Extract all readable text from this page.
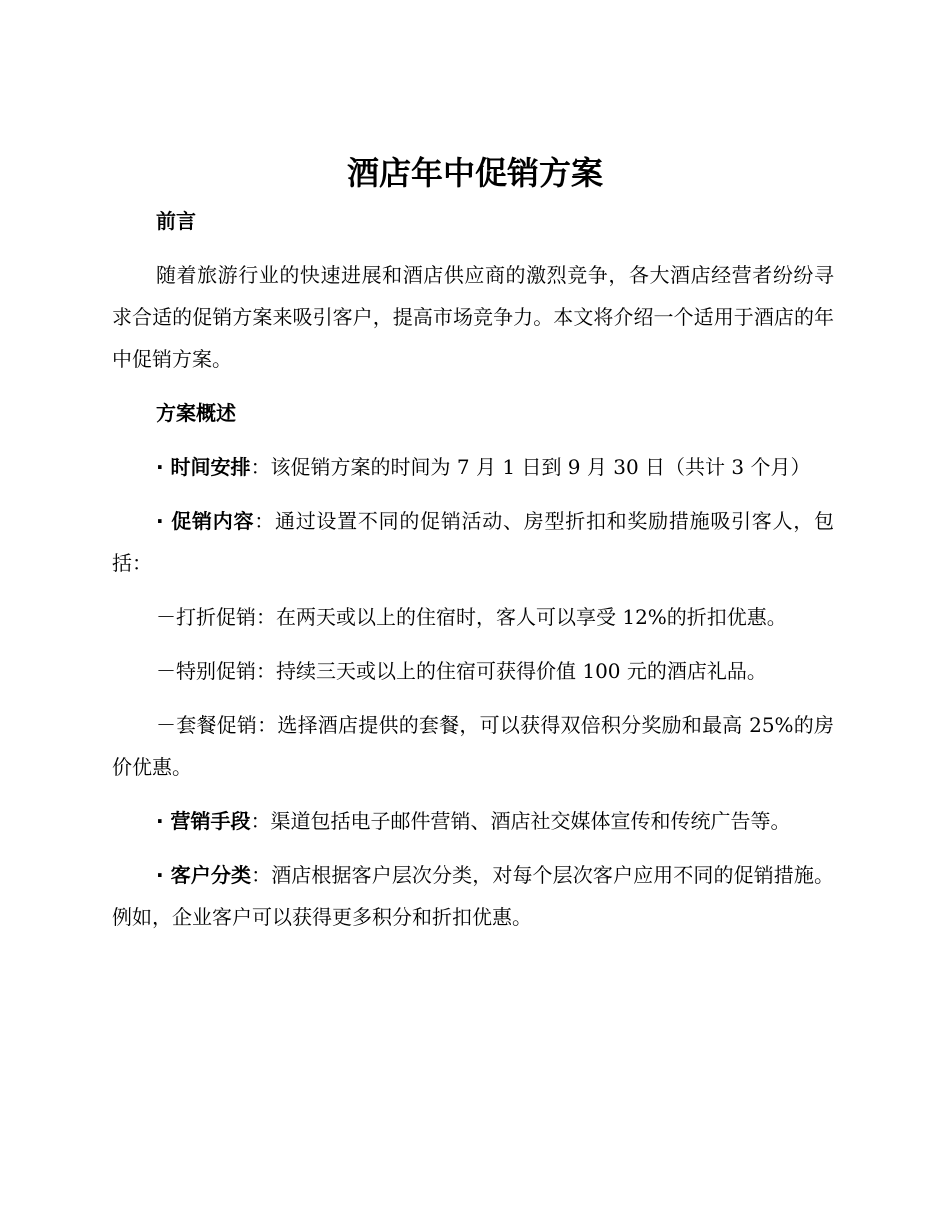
酒店年中促销方案
前言

随着旅游行业的快速进展和酒店供应商的激烈竞争，各大酒店经营者纷纷寻求合适的促销方案来吸引客户，提高市场竞争力。本文将介绍一个适用于酒店的年中促销方案。

方案概述

· 时间安排：该促销方案的时间为 7 月 1 日到 9 月 30 日（共计 3 个月）

· 促销内容：通过设置不同的促销活动、房型折扣和奖励措施吸引客人，包括：

－打折促销：在两天或以上的住宿时，客人可以享受 12%的折扣优惠。

－特别促销：持续三天或以上的住宿可获得价值 100 元的酒店礼品。

－套餐促销：选择酒店提供的套餐，可以获得双倍积分奖励和最高 25%的房价优惠。

· 营销手段：渠道包括电子邮件营销、酒店社交媒体宣传和传统广告等。

· 客户分类：酒店根据客户层次分类，对每个层次客户应用不同的促销措施。例如，企业客户可以获得更多积分和折扣优惠。
